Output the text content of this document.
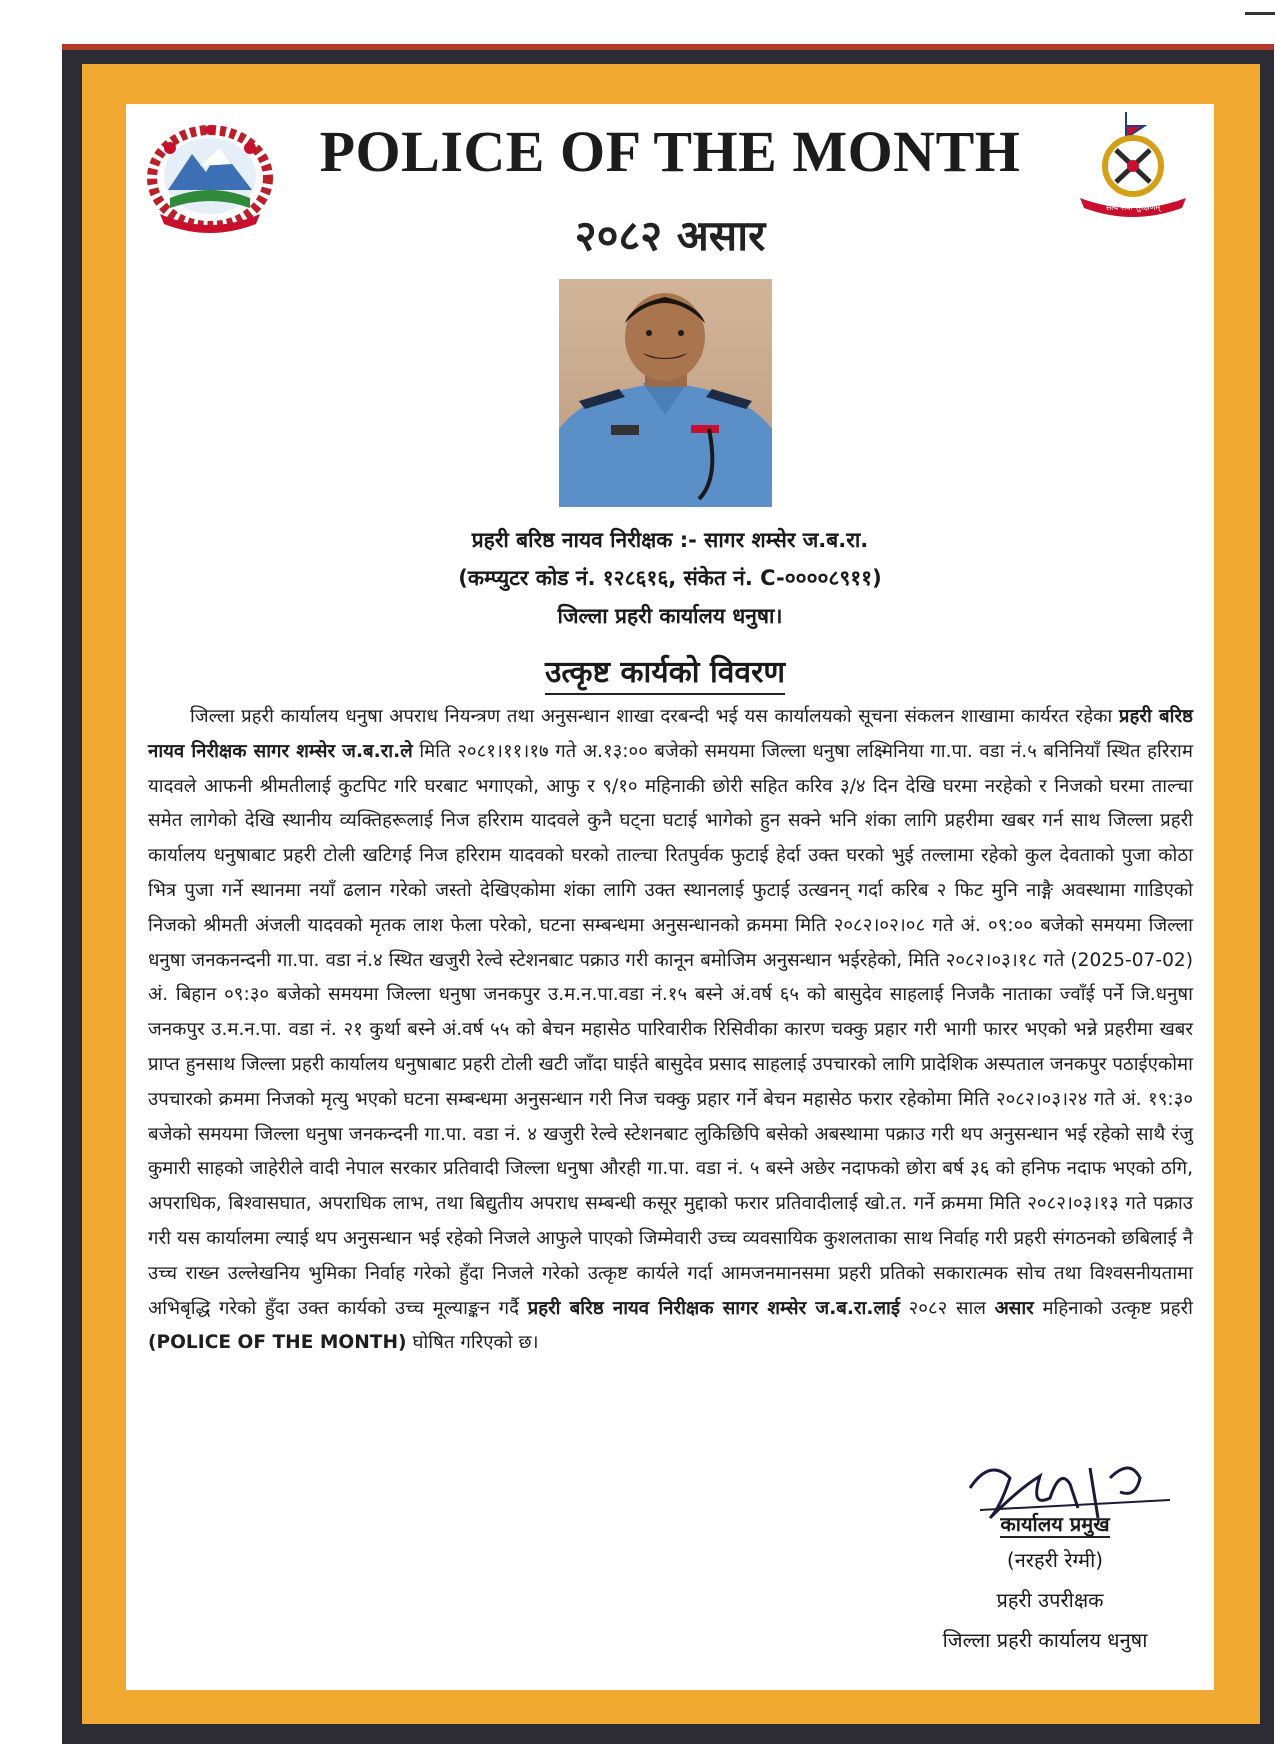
सत्य सेवा सुरक्षणम्
POLICE OF THE MONTH
२०८२ असार
प्रहरी बरिष्ठ नायव निरीक्षक :- सागर शम्सेर ज.ब.रा.
(कम्प्युटर कोड नं. १२८६१६, संकेत नं. C-००००८९११)
जिल्ला प्रहरी कार्यालय धनुषा।
उत्कृष्ट कार्यको विवरण

जिल्ला प्रहरी कार्यालय धनुषा अपराध नियन्त्रण तथा अनुसन्धान शाखा दरबन्दी भई यस कार्यालयको सूचना संकलन शाखामा कार्यरत रहेका प्रहरी बरिष्ठ नायव निरीक्षक सागर शम्सेर ज.ब.रा.ले मिति २०८१।११।१७ गते अ.१३:०० बजेको समयमा जिल्ला धनुषा लक्ष्मिनिया गा.पा. वडा नं.५ बनिनियाँ स्थित हरिराम यादवले आफनी श्रीमतीलाई कुटपिट गरि घरबाट भगाएको, आफु र ९/१० महिनाकी छोरी सहित करिव ३/४ दिन देखि घरमा नरहेको र निजको घरमा ताल्चा समेत लागेको देखि स्थानीय व्यक्तिहरूलाई निज हरिराम यादवले कुनै घट्ना घटाई भागेको हुन सक्ने भनि शंका लागि प्रहरीमा खबर गर्न साथ जिल्ला प्रहरी कार्यालय धनुषाबाट प्रहरी टोली खटिगई निज हरिराम यादवको घरको ताल्चा रितपुर्वक फुटाई हेर्दा उक्त घरको भुई तल्लामा रहेको कुल देवताको पुजा कोठा भित्र पुजा गर्ने स्थानमा नयाँ ढलान गरेको जस्तो देखिएकोमा शंका लागि उक्त स्थानलाई फुटाई उत्खनन् गर्दा करिब २ फिट मुनि नाङ्गै अवस्थामा गाडिएको निजको श्रीमती अंजली यादवको मृतक लाश फेला परेको, घटना सम्बन्धमा अनुसन्धानको क्रममा मिति २०८२।०२।०८ गते अं. ०९:०० बजेको समयमा जिल्ला धनुषा जनकनन्दनी गा.पा. वडा नं.४ स्थित खजुरी रेल्वे स्टेशनबाट पक्राउ गरी कानून बमोजिम अनुसन्धान भईरहेको, मिति २०८२।०३।१८ गते (2025-07-02) अं. बिहान ०९:३० बजेको समयमा जिल्ला धनुषा जनकपुर उ.म.न.पा.वडा नं.१५ बस्ने अं.वर्ष ६५ को बासुदेव साहलाई निजकै नाताका ज्वाँई पर्ने जि.धनुषा जनकपुर उ.म.न.पा. वडा नं. २१ कुर्था बस्ने अं.वर्ष ५५ को बेचन महासेठ पारिवारीक रिसिवीका कारण चक्कु प्रहार गरी भागी फारर भएको भन्ने प्रहरीमा खबर प्राप्त हुनसाथ जिल्ला प्रहरी कार्यालय धनुषाबाट प्रहरी टोली खटी जाँदा घाईते बासुदेव प्रसाद साहलाई उपचारको लागि प्रादेशिक अस्पताल जनकपुर पठाईएकोमा उपचारको क्रममा निजको मृत्यु भएको घटना सम्बन्धमा अनुसन्धान गरी निज चक्कु प्रहार गर्ने बेचन महासेठ फरार रहेकोमा मिति २०८२।०३।२४ गते अं. १९:३० बजेको समयमा जिल्ला धनुषा जनकन्दनी गा.पा. वडा नं. ४ खजुरी रेल्वे स्टेशनबाट लुकिछिपि बसेको अबस्थामा पक्राउ गरी थप अनुसन्धान भई रहेको साथै रंजु कुमारी साहको जाहेरीले वादी नेपाल सरकार प्रतिवादी जिल्ला धनुषा औरही गा.पा. वडा नं. ५ बस्ने अछेर नदाफको छोरा बर्ष ३६ को हनिफ नदाफ भएको ठगि, अपराधिक, बिश्वासघात, अपराधिक लाभ, तथा बिद्युतीय अपराध सम्बन्धी कसूर मुद्दाको फरार प्रतिवादीलाई खो.त. गर्ने क्रममा मिति २०८२।०३।१३ गते पक्राउ गरी यस कार्यालमा ल्याई थप अनुसन्धान भई रहेको निजले आफुले पाएको जिम्मेवारी उच्च व्यवसायिक कुशलताका साथ निर्वाह गरी प्रहरी संगठनको छबिलाई नै उच्च राख्न उल्लेखनिय भुमिका निर्वाह गरेको हुँदा निजले गरेको उत्कृष्ट कार्यले गर्दा आमजनमानसमा प्रहरी प्रतिको सकारात्मक सोच तथा विश्वसनीयतामा अभिबृद्धि गरेको हुँदा उक्त कार्यको उच्च मूल्याङ्कन गर्दै प्रहरी बरिष्ठ नायव निरीक्षक सागर शम्सेर ज.ब.रा.लाई २०८२ साल असार महिनाको उत्कृष्ट प्रहरी (POLICE OF THE MONTH) घोषित गरिएको छ।

कार्यालय प्रमुख
(नरहरी रेग्मी)
प्रहरी उपरीक्षक
जिल्ला प्रहरी कार्यालय धनुषा
